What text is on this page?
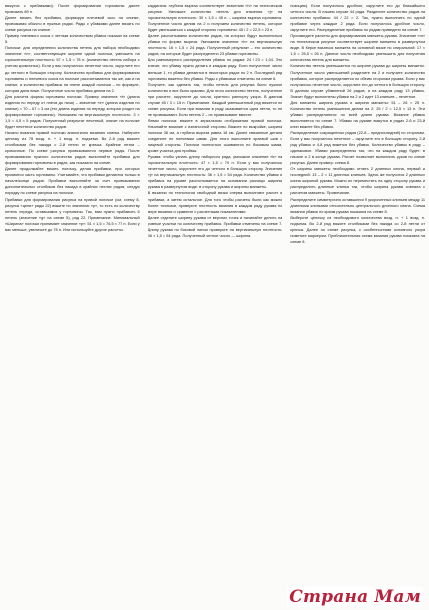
вяжутся с прибавками). После формирования горловины далее провязать 89 п.

Далее вязать без прибавок, формируя плечевой скос на спинке, провязывая обычно в нужных рядах. Ряды с убавками далее вязать по схеме рисунка на спинке.

Пример плечевого скоса с четным количеством убавок показан на схеме 5.

Полочки: для определения количества петель для набора необходимо значение «n», соответствующее ширине одной полочки, умножить на горизонтальную плотность: 57 × 1,5 = 78 п. (количество петель набора с учетом кромочных). Если у вас получилось нечетное число, округлите его до четного в большую сторону. Количество прибавок для формирования горловины и плечевого скоса на полочке рассчитываются так же, как и на спинке, а количество прибавок на плече каждой полочки – по формуле, которая дана ниже. Полученное число прибавок делим на 2.

Для расчета формы горловины полочки. Пример значение «f» (длина изделия по переду от плеча до низа) – значение «е» (длина изделия по спинке) = 70 – 67 = 3 см (это длина изделия по переду, которая уходит на формирование горловины). Умножаем на вертикальную плотность: 3 × 1,5 = 4,5 ≈ 5 рядов. Полученный результат нечетный, значит на полочке будет нечетное количество рядов.

Начало вязания правой полочки аналогично вязанию спинки. Наберите цепочку из 78 возд. п. + 1 возд. п. подъема. Во 2-й ряд вяжите столбиками без накида с 2-й петли от крючка. Крайние петли – кромочные. По схеме рисунка провязываются первые ряды. После провязывания нужного количества рядов выполняйте прибавки для формирования горловины в рядах, как показано на схеме.

Далее продолжайте вязать полочку, делая прибавки, при которых проявится часть горловины. Учитывайте, что прибавки делаются только в начале/конце рядов. Прибавки выполняйте за счет провязывания дополнительных столбиков без накида в крайних петлях рядов, следуя порядку по схеме рисунка на полочке.

Прибавки для формирования рисунка на правой полочке (см. схему 8, рисунок «цепи» ряды 22) вяжите по значению «р», то есть по количеству петель переда, оставшимся у горловины. Так, вам нужно прибавить 6 петель (значение «g» на схеме 5), ряд 22. Примечание. Минимальный «Ширина» полочки принимает значение «p»: 51 × 1,5 = 76,5 ≈ 77 п. Если у вас меньше, увеличьте до 78 п. Или используйте другие расчеты.

кардигана: глубина выреза соответствует значению «h» на техническом рисунке. Умножьте количество петель для значения «j» на горизонтальную плотность: 30 × 1,5 = 45 п. – ширина выреза горловины. Полученное число делим на 2 и получаем количество петель, которое будет уменьшаться с каждой стороны горловины: 45 / 2 = 22,5 ≈ 23 п.

Далее рассчитываем количество рядов, на которых будут выполняться убавки по форме выреза. Умножаем значение «h» на вертикальную плотность: 16 × 1,5 = 24 ряда. Полученный результат – это количество рядов, на которые будет распределено 23 убавки горловины.

Для равномерного распределения убавок по рядам: 24 / 23 = 1,04. Это значит, что убавку нужно делать в каждом ряду. Если полученное число меньше 1, то убавки делаются в некоторых рядах по 2 п. Последний ряд горловины вяжется без убавок. Ряды с убавками отмечены на схеме 6.

Получите, как сделать так, чтобы петель для рисунка было нужное количество и все было красиво. Для этого количество петель, полученное при расчете, округлите до числа, кратного раппорту узора. В данном случае 45 / 3 = 15 п. Примечание. Каждый уменьшенный ряд вяжется по схеме рисунка. Если при вязании в ряду оказывается одна петля, то ее не провязывают. Если петель 2 – их провязывают вместе.

Левая полочка: вяжите в зеркальном отображении правой полочки. Начинайте вязание с изнаночной стороны. Вяжите по выкройке, ширина полочки 38 см, а глубина выреза равна 16 см. Далее связанные детали соедините по плечевым швам. Для этого выполните краевой шов с лицевой стороны. Полочки полностью сшиваются по боковым швам, кроме участка для проймы.

Рукава: чтобы узнать длину наборного ряда, умножьте значение «k» на горизонтальную плотность: 47 × 1,5 = 70 п. Если у вас получилось нечетное число, округлите его до четного в большую сторону. Значение «j» на вертикальную плотность: 36 × 1,5 = 54 ряда. Количество убавок и прибавок на рукаве рассчитывается на основании разницы ширины рукава в развернутом виде: в сторону рукава и ширины манжеты.

В вязании по технологии свободной вязки сперва выполняют расчет и прибавки, а затем остальное. Для того чтобы расчеты были как можно более точными, проверьте плотность вязания в каждом ряду рукава по мере вязания и сравните с расчетными показателями.

Далее отделите ширину рукава от верхних точек и начинайте делить на ровные участки по количеству прибавок. Прибавки отмечены на схеме 7. Длину рукава по боковой линии проверьте на вертикальную плотность: 36 × 1,5 = 54 ряда. Полученный четное число — ширина.

позицию). Если получилось дробное, округлите его до ближайшего четного числа. В нашем случае 44 ряда. Разделите количество рядов на количество прибавок: 44 / 22 = 2. Так, нужно выполнить по одной прибавке через каждые 2 ряда. Если получилось дробное число, округлите его. Распределение прибавок по рядам приведено на схеме 7.

Произведите расчеты для формирования манжеты рукава. Значение «m» на техническом рисунке соответствует ширине манжеты в развернутом виде. В Керке вязаться манжета на основной вязке по спиральной: 17 × 1,5 = 25,5 ≈ 26 п. Данное число необходимо уменьшить для получения количества петель для манжеты.

Количество петель уменьшается по ширине рукава до ширины манжеты. Полученное число уменьшений разделите на 2 и получите количество прибавок, которое распределяется по обеим сторонам рукава. Если у вас получилось нечетное число, округлите его до четного в большую сторону. В данном случае убавлений 26 рядов, а на каждом ряду 13 убавок. Значит будут выполнены убавки на 2 и 2 идет 13 клиньев – нечетное.

Для манжеты ширина рукава и ширина манжеты: 51 – 26 = 25 п. Количество петель уменьшения делим на 2: 25 / 2 = 12,5 ≈ 13 п. Эти убавки распределяются по всей длине рукава. Вязание убавок выполняется по схеме 7. Убавки на рукаве вяжутся в рядах 2-й и 23-й клин вяжите без убавок.

Распределение сокращенных рядов (22-й – предпоследний) по сторонам. Если у вас получилось нечетное – округлите его в большую сторону. 2-й ряд убавок и 4-й ряд вяжется без убавок. Количество убавок в ряду – одинаковое. Убавки распределены так, что на каждом ряду будет: в начале и 2 в конце рукава. Расчет позволяет выполнить рукав по схеме рисунка. Далее пример: схема 8.

От ширины манжеты необходимо отнять 2 длинных клина, первый и последний: 13 – 2 = 11 длинных клиньев. Здесь же получится 2 длинных клина шириной рукава. Можно их переместить на одну сторону рукава и распределить длинные клинья так, чтобы ширина рукава совпала с расчетом манжеты. Примечание.

Распределите симметрично оставшиеся 9 укороченных клиньев между 11 длинными клиньями относительно центрального длинного клина. Схема вязания убавок по краям рукава показана на схеме 8.

Выберите цепочку из необходимого количества возд. п. + 1 возд. п. подъема. Во 2-й ряд вяжите столбиками без накида со 2-й петли от крючка. Далее по схеме рисунка, с особенностями основного узора пометьте маркером. Приблизительная схема вязания рукава показана на схеме 8.

Страна Мам
